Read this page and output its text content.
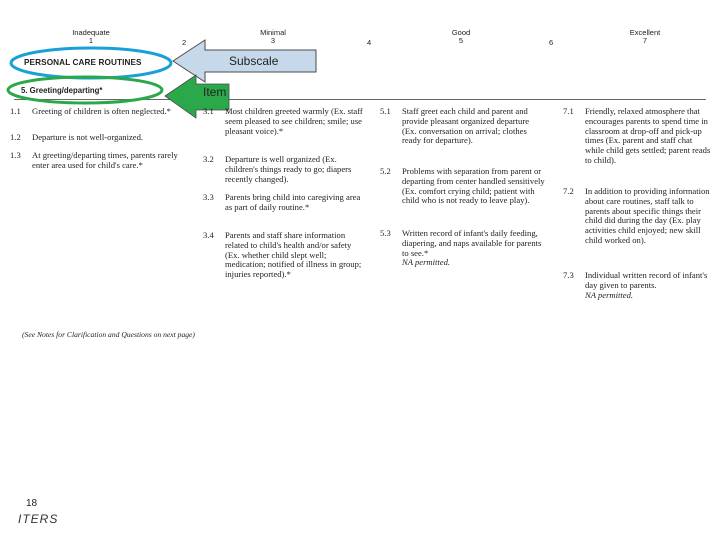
Inadequate
1	2
Minimal
3	4
Good
5	6
Excellent
7
PERSONAL CARE ROUTINES
5. Greeting/departing*
Subscale
Item
1.1 Greeting of children is often neglected.*
1.2 Departure is not well-organized.
1.3 At greeting/departing times, parents rarely enter area used for child's care.*
3.1 Most children greeted warmly (Ex. staff seem pleased to see children; smile; use pleasant voice).*
3.2 Departure is well organized (Ex. children's things ready to go; diapers recently changed).
3.3 Parents bring child into caregiving area as part of daily routine.*
3.4 Parents and staff share information related to child's health and/or safety (Ex. whether child slept well; medication; notified of illness in group; injuries reported).*
5.1 Staff greet each child and parent and provide pleasant organized departure (Ex. conversation on arrival; clothes ready for departure).
5.2 Problems with separation from parent or departing from center handled sensitively (Ex. comfort crying child; patient with child who is not ready to leave play).
5.3 Written record of infant's daily feeding, diapering, and naps available for parents to see.*
NA permitted.
7.1 Friendly, relaxed atmosphere that encourages parents to spend time in classroom at drop-off and pick-up times (Ex. parent and staff chat while child gets settled; parent reads to child).
7.2 In addition to providing information about care routines, staff talk to parents about specific things their child did during the day (Ex. play activities child enjoyed; new skill child worked on).
7.3 Individual written record of infant's day given to parents.
NA permitted.
(See Notes for Clarification and Questions on next page)
18
ITERS
